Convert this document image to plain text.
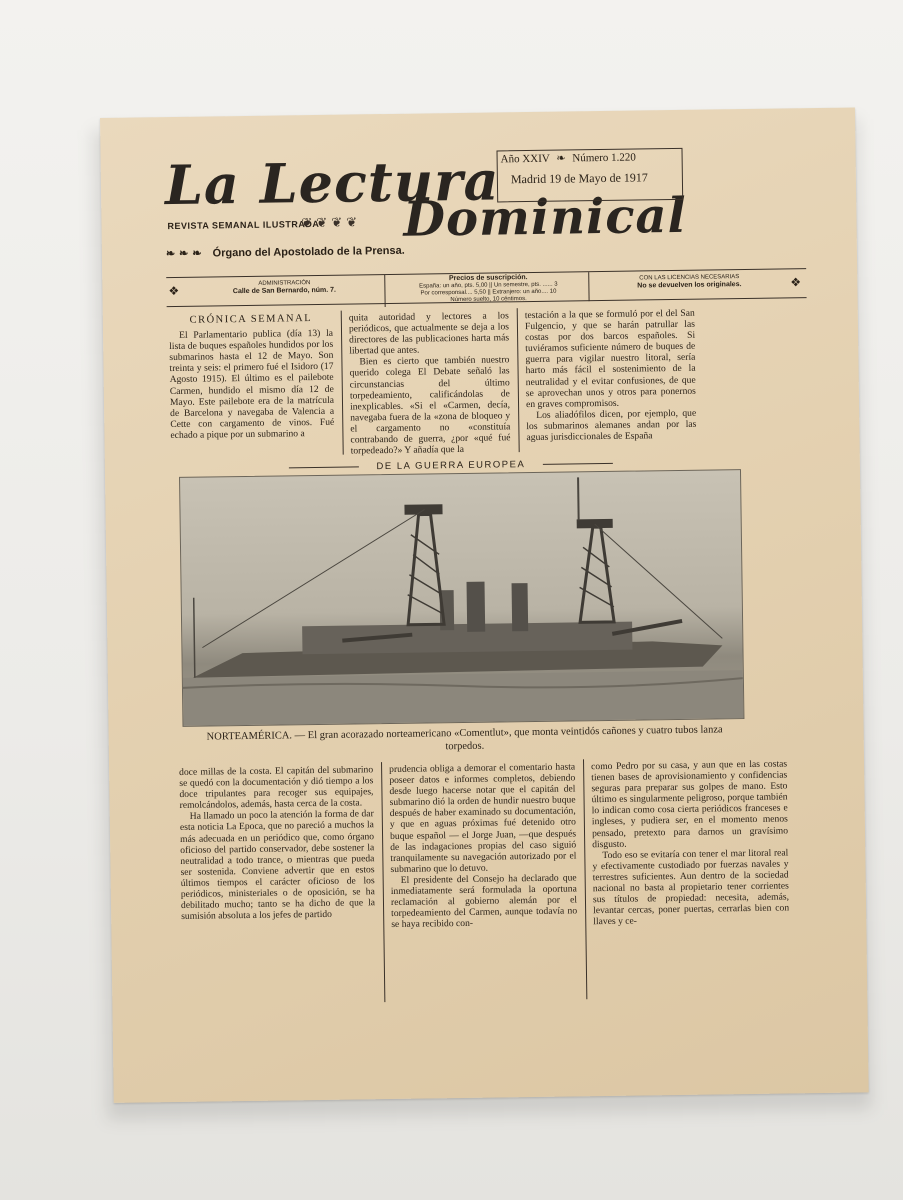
La Lectura
Dominical
REVISTA SEMANAL ILUSTRADA
❦❦❦❦
❧❧❧ Órgano del Apostolado de la Prensa.
Año XXIV ❧ Número 1.220
Madrid 19 de Mayo de 1917
❖
ADMINISTRACIÓN
Calle de San Bernardo, núm. 7.
Precios de suscripción.
España: un año, pts. 5,00 || Un semestre, pts. ...... 3
Por corresponsal.... 5,50 || Extranjero: un año.... 10
Número suelto, 10 céntimos.
CON LAS LICENCIAS NECESARIAS
No se devuelven los originales.	❖
CRÓNICA SEMANAL

El Parlamentario publica (día 13) la lista de buques españoles hundidos por los submarinos hasta el 12 de Mayo. Son treinta y seis: el primero fué el Isidoro (17 Agosto 1915). El último es el pailebote Carmen, hundido el mismo día 12 de Mayo. Este pailebote era de la matrícula de Barcelona y navegaba de Valencia a Cette con cargamento de vinos. Fué echado a pique por un submarino a

quita autoridad y lectores a los periódicos, que actualmente se deja a los directores de las publicaciones harta más libertad que antes.

Bien es cierto que también nuestro querido colega El Debate señaló las circunstancias del último torpedeamiento, calificándolas de inexplicables. «Si el «Carmen, decía, navegaba fuera de la «zona de bloqueo y el cargamento no «constituía contrabando de guerra, ¿por «qué fué torpedeado?» Y añadía que la

testación a la que se formuló por el del San Fulgencio, y que se harán patrullar las costas por dos barcos españoles. Si tuviéramos suficiente número de buques de guerra para vigilar nuestro litoral, sería harto más fácil el sostenimiento de la neutralidad y el evitar confusiones, de que se aprovechan unos y otros para ponernos en graves compromisos.

Los aliadófilos dicen, por ejemplo, que los submarinos alemanes andan por las aguas jurisdiccionales de España

DE LA GUERRA EUROPEA
NORTEAMÉRICA. — El gran acorazado norteamericano «Comentlut», que monta veintidós cañones y cuatro tubos lanza torpedos.

doce millas de la costa. El capitán del submarino se quedó con la documentación y dió tiempo a los doce tripulantes para recoger sus equipajes, remolcándolos, además, hasta cerca de la costa.

Ha llamado un poco la atención la forma de dar esta noticia La Epoca, que no pareció a muchos la más adecuada en un periódico que, como órgano oficioso del partido conservador, debe sostener la neutralidad a todo trance, o mientras que pueda ser sostenida. Conviene advertir que en estos últimos tiempos el carácter oficioso de los periódicos, ministeriales o de oposición, se ha debilitado mucho; tanto se ha dicho de que la sumisión absoluta a los jefes de partido

prudencia obliga a demorar el comentario hasta poseer datos e informes completos, debiendo desde luego hacerse notar que el capitán del submarino dió la orden de hundir nuestro buque después de haber examinado su documentación, y que en aguas próximas fué detenido otro buque español — el Jorge Juan, —que después de las indagaciones propias del caso siguió tranquilamente su navegación autorizado por el submarino que lo detuvo.

El presidente del Consejo ha declarado que inmediatamente será formulada la oportuna reclamación al gobierno alemán por el torpedeamiento del Carmen, aunque todavía no se haya recibido con-

como Pedro por su casa, y aun que en las costas tienen bases de aprovisionamiento y confidencias seguras para preparar sus golpes de mano. Esto último es singularmente peligroso, porque también lo indican como cosa cierta periódicos franceses e ingleses, y pudiera ser, en el momento menos pensado, pretexto para darnos un gravísimo disgusto.

Todo eso se evitaría con tener el mar litoral real y efectivamente custodiado por fuerzas navales y terrestres suficientes. Aun dentro de la sociedad nacional no basta al propietario tener corrientes sus títulos de propiedad: necesita, además, levantar cercas, poner puertas, cerrarlas bien con llaves y ce-
